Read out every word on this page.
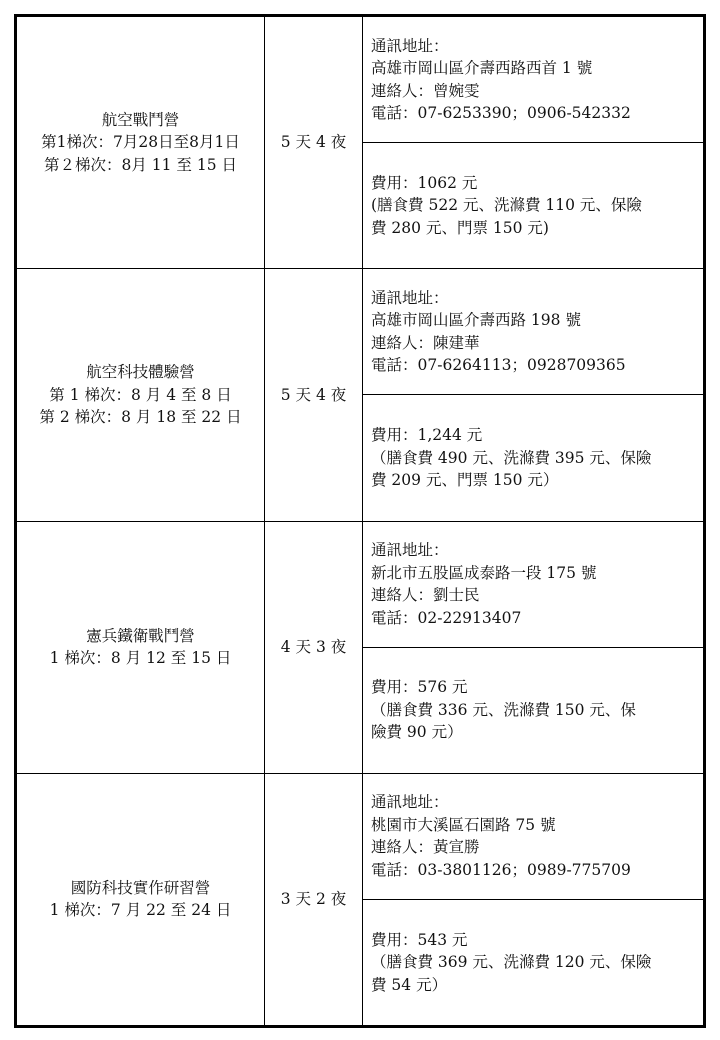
航空戰鬥營
第1梯次：7月28日至8月1日
第２梯次：8月 11 至 15 日	5 天 4 夜	通訊地址：
高雄市岡山區介壽西路西首 1 號
連絡人：曾婉雯
電話：07-6253390；0906-542332

		費用：1062 元
(膳食費 522 元、洗滌費 110 元、保險
費 280 元、門票 150 元)

航空科技體驗營
第 1 梯次：8 月 4 至 8 日
第 2 梯次：8 月 18 至 22 日	5 天 4 夜	通訊地址：
高雄市岡山區介壽西路 198 號
連絡人：陳建華
電話：07-6264113；0928709365

		費用：1,244 元
（膳食費 490 元、洗滌費 395 元、保險
費 209 元、門票 150 元）

憲兵鐵衛戰鬥營
1 梯次：8 月 12 至 15 日	4 天 3 夜	通訊地址：
新北市五股區成泰路一段 175 號
連絡人：劉士民
電話：02-22913407

		費用：576 元
（膳食費 336 元、洗滌費 150 元、保
險費 90 元）

國防科技實作研習營
1 梯次：7 月 22 至 24 日	3 天 2 夜	通訊地址：
桃園市大溪區石園路 75 號
連絡人：黃宣勝
電話：03-3801126；0989-775709

		費用：543 元
（膳食費 369 元、洗滌費 120 元、保險
費 54 元）
